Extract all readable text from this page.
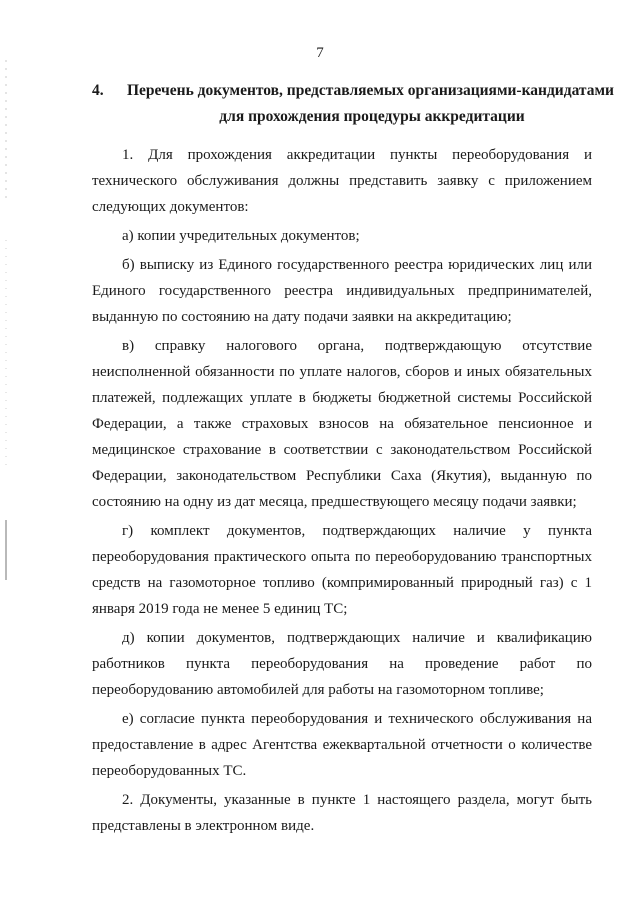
7
4. Перечень документов, представляемых организациями-кандидатами
для прохождения процедуры аккредитации

1. Для прохождения аккредитации пункты переоборудования и технического обслуживания должны представить заявку с приложением следующих документов:

а) копии учредительных документов;

б) выписку из Единого государственного реестра юридических лиц или Единого государственного реестра индивидуальных предпринимателей, выданную по состоянию на дату подачи заявки на аккредитацию;

в) справку налогового органа, подтверждающую отсутствие неисполненной обязанности по уплате налогов, сборов и иных обязательных платежей, подлежащих уплате в бюджеты бюджетной системы Российской Федерации, а также страховых взносов на обязательное пенсионное и медицинское страхование в соответствии с законодательством Российской Федерации, законодательством Республики Саха (Якутия), выданную по состоянию на одну из дат месяца, предшествующего месяцу подачи заявки;

г) комплект документов, подтверждающих наличие у пункта переоборудования практического опыта по переоборудованию транспортных средств на газомоторное топливо (компримированный природный газ) с 1 января 2019 года не менее 5 единиц ТС;

д) копии документов, подтверждающих наличие и квалификацию работников пункта переоборудования на проведение работ по переоборудованию автомобилей для работы на газомоторном топливе;

е) согласие пункта переоборудования и технического обслуживания на предоставление в адрес Агентства ежеквартальной отчетности о количестве переоборудованных ТС.

2. Документы, указанные в пункте 1 настоящего раздела, могут быть представлены в электронном виде.
